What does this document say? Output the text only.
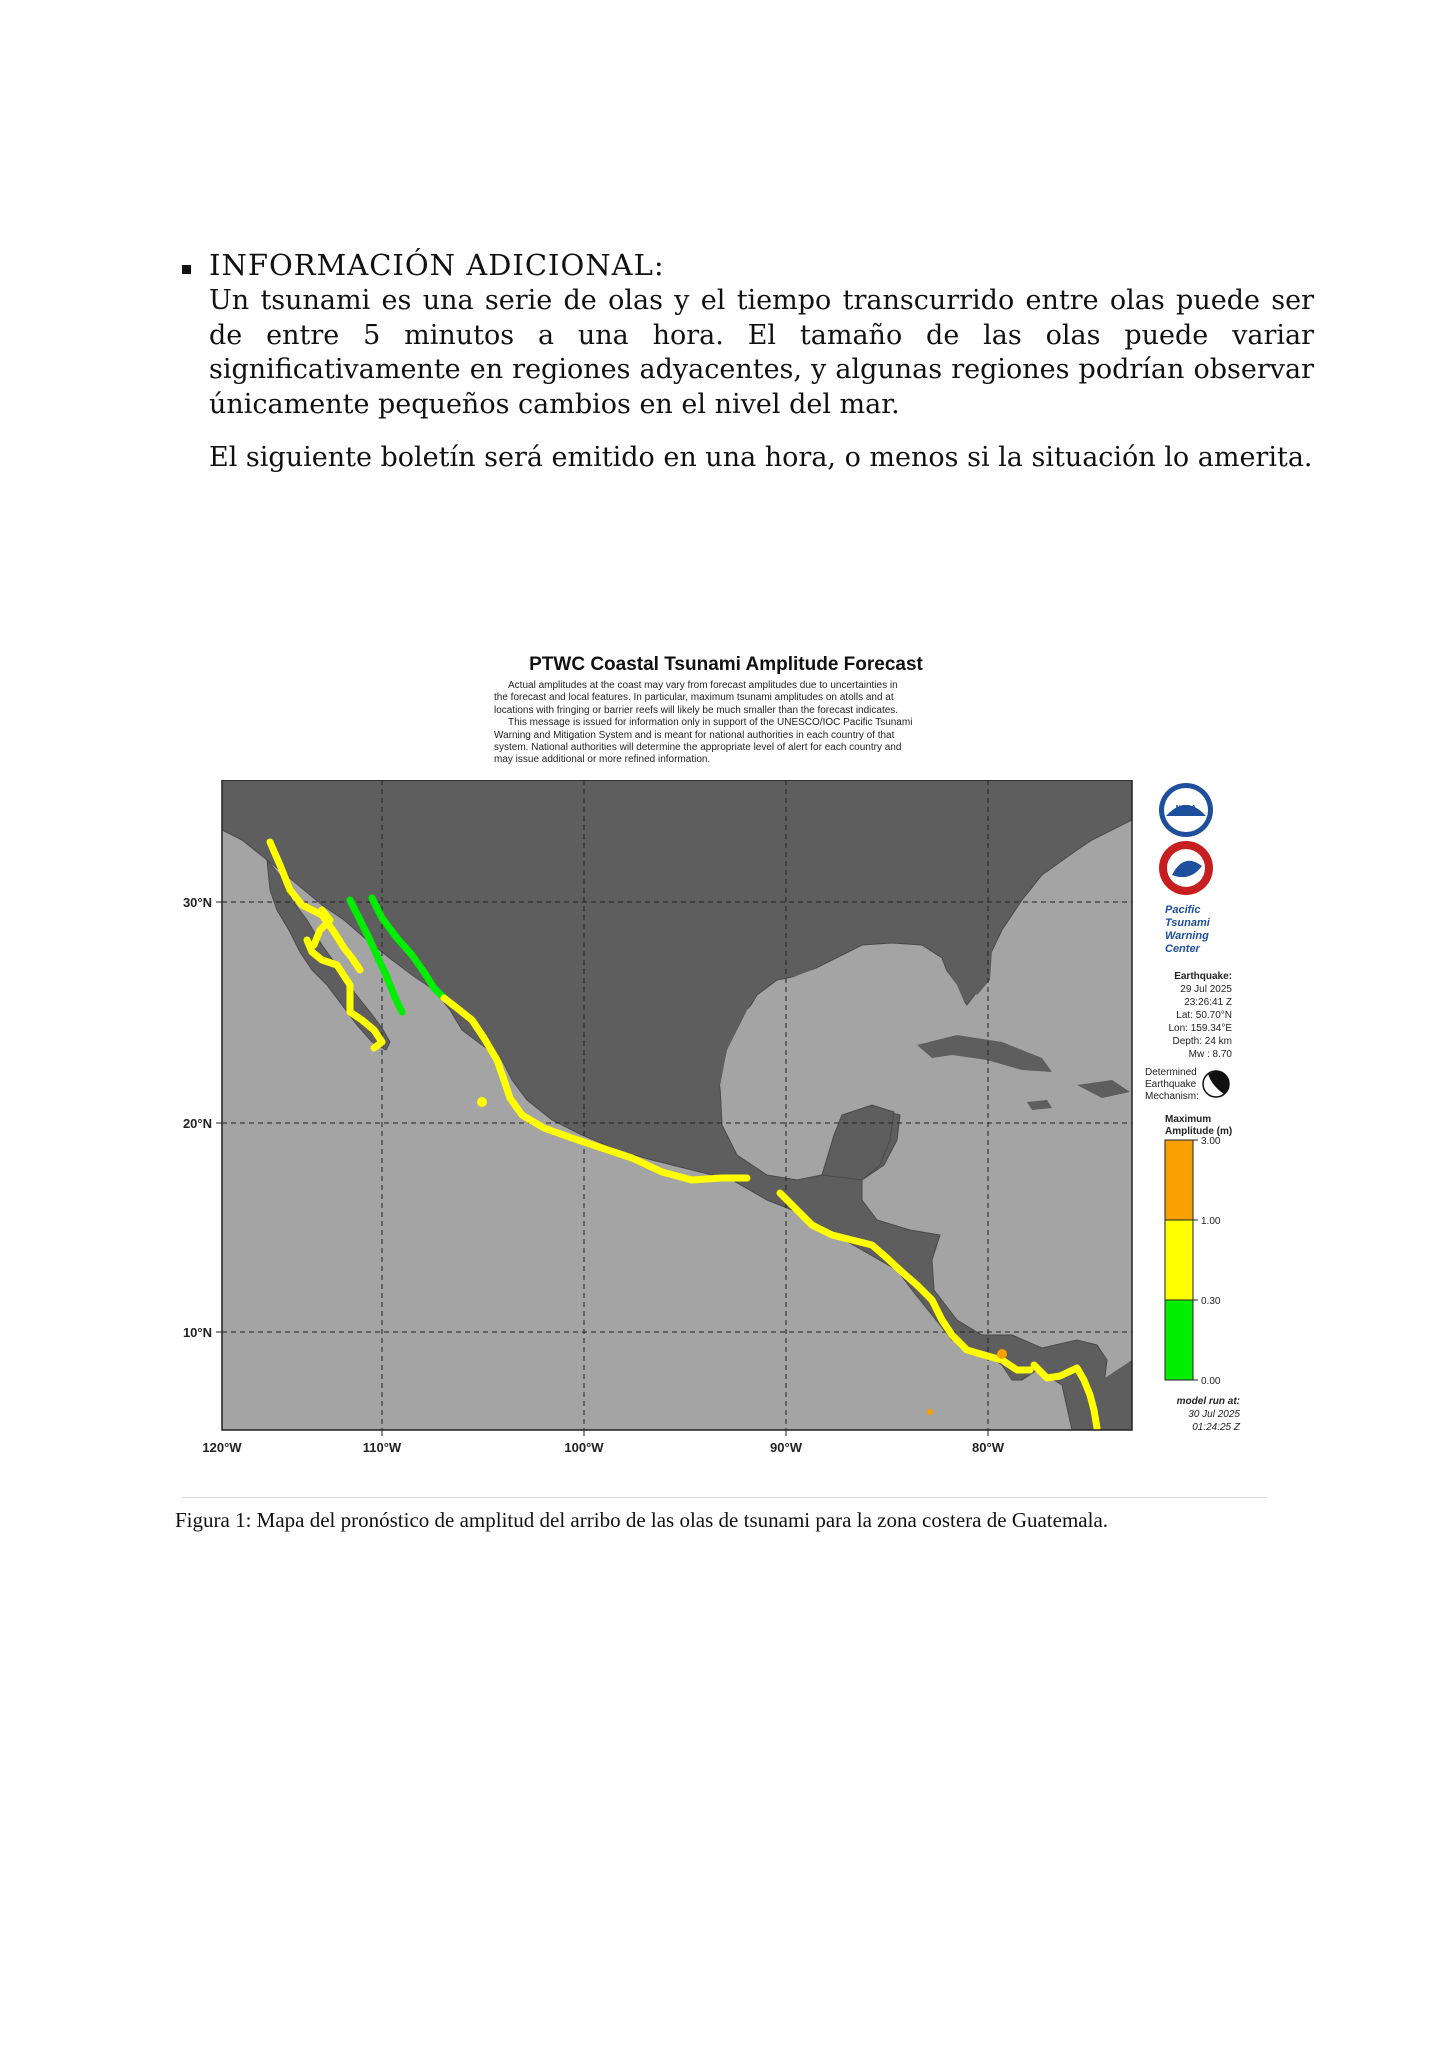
INFORMACIÓN ADICIONAL:

Un tsunami es una serie de olas y el tiempo transcurrido entre olas puede ser de entre 5 minutos a una hora. El tamaño de las olas puede variar significativamente en regiones adyacentes, y algunas regiones podrían observar únicamente pequeños cambios en el nivel del mar.

El siguiente boletín será emitido en una hora, o menos si la situación lo amerita.

PTWC Coastal Tsunami Amplitude Forecast

Actual amplitudes at the coast may vary from forecast amplitudes due to uncertainties in the forecast and local features. In particular, maximum tsunami amplitudes on atolls and at locations with fringing or barrier reefs will likely be much smaller than the forecast indicates.

This message is issued for information only in support of the UNESCO/IOC Pacific Tsunami Warning and Mitigation System and is meant for national authorities in each country of that system. National authorities will determine the appropriate level of alert for each country and may issue additional or more refined information.

30°N
20°N
10°N
120°W	110°W	100°W	90°W	80°W
NOAA
Pacific
Tsunami
Warning
Center
Earthquake:
29 Jul 2025
23:26:41 Z
Lat: 50.70°N
Lon: 159.34°E
Depth: 24 km
Mw : 8.70
Determined
Earthquake
Mechanism:
Maximum
Amplitude (m)
3.00
1.00
0.30
0.00
model run at:
30 Jul 2025
01:24:25 Z
Figura 1: Mapa del pronóstico de amplitud del arribo de las olas de tsunami para la zona costera de Guatemala.
